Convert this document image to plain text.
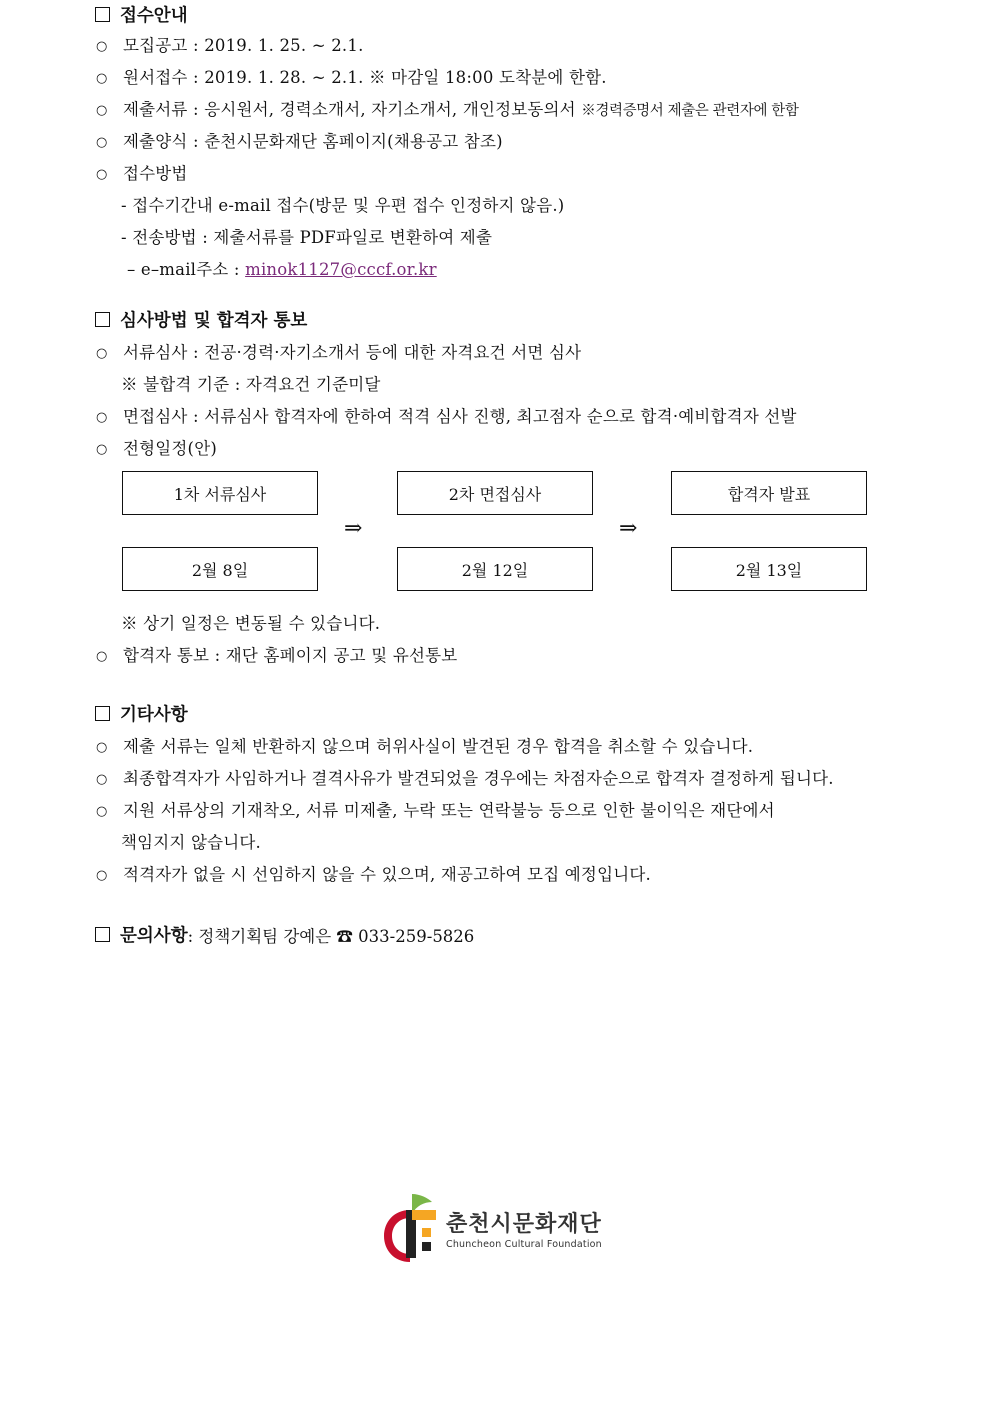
접수안내
○ 모집공고 : 2019. 1. 25. ~ 2.1.
○ 원서접수 : 2019. 1. 28. ~ 2.1. ※ 마감일 18:00 도착분에 한함.
○ 제출서류 : 응시원서, 경력소개서, 자기소개서, 개인정보동의서 ※경력증명서 제출은 관련자에 한함
○ 제출양식 : 춘천시문화재단 홈페이지(채용공고 참조)
○ 접수방법
- 접수기간내 e-mail 접수(방문 및 우편 접수 인정하지 않음.)
- 전송방법 : 제출서류를 PDF파일로 변환하여 제출
– e–mail주소 : minok1127@cccf.or.kr
심사방법 및 합격자 통보
○ 서류심사 : 전공·경력·자기소개서 등에 대한 자격요건 서면 심사
※ 불합격 기준 : 자격요건 기준미달
○ 면접심사 : 서류심사 합격자에 한하여 적격 심사 진행, 최고점자 순으로 합격·예비합격자 선발
○ 전형일정(안)
1차 서류심사	2차 면접심사	합격자 발표
⇒	⇒
2월 8일	2월 12일	2월 13일
※ 상기 일정은 변동될 수 있습니다.
○ 합격자 통보 : 재단 홈페이지 공고 및 유선통보
기타사항
○ 제출 서류는 일체 반환하지 않으며 허위사실이 발견된 경우 합격을 취소할 수 있습니다.
○ 최종합격자가 사임하거나 결격사유가 발견되었을 경우에는 차점자순으로 합격자 결정하게 됩니다.
○ 지원 서류상의 기재착오, 서류 미제출, 누락 또는 연락불능 등으로 인한 불이익은 재단에서
책임지지 않습니다.
○ 적격자가 없을 시 선임하지 않을 수 있으며, 재공고하여 모집 예정입니다.
문의사항 : 정책기획팀 강예은 ☎ 033-259-5826
춘천시문화재단
Chuncheon Cultural Foundation
